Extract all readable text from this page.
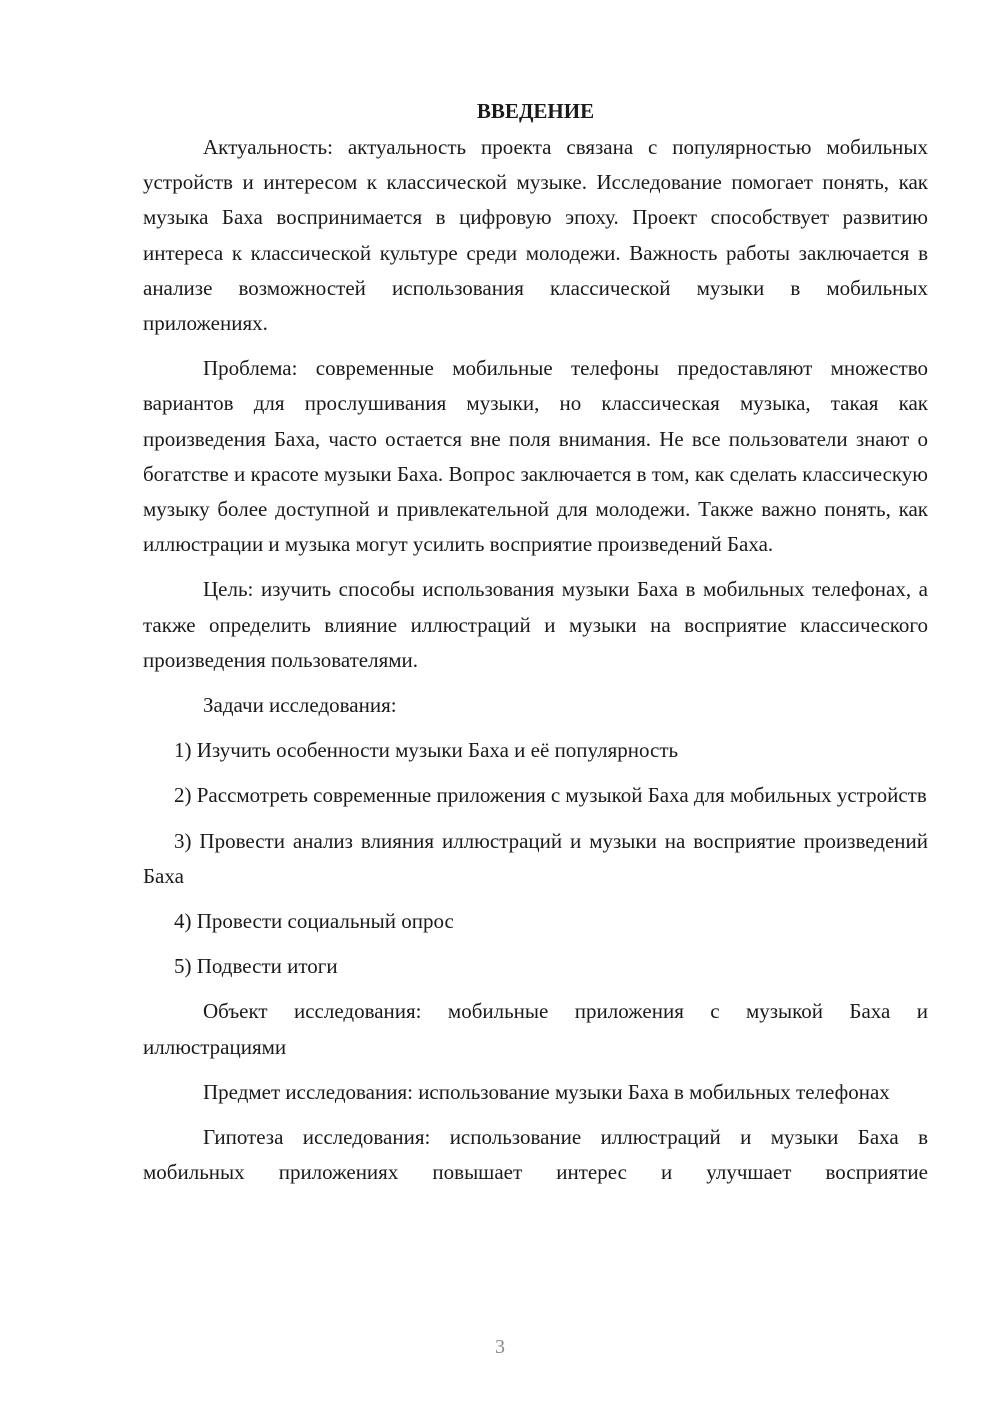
ВВЕДЕНИЕ

Актуальность: актуальность проекта связана с популярностью мобильных устройств и интересом к классической музыке. Исследование помогает понять, как музыка Баха воспринимается в цифровую эпоху. Проект способствует развитию интереса к классической культуре среди молодежи. Важность работы заключается в анализе возможностей использования классической музыки в мобильных приложениях.

Проблема: современные мобильные телефоны предоставляют множество вариантов для прослушивания музыки, но классическая музыка, такая как произведения Баха, часто остается вне поля внимания. Не все пользователи знают о богатстве и красоте музыки Баха. Вопрос заключается в том, как сделать классическую музыку более доступной и привлекательной для молодежи. Также важно понять, как иллюстрации и музыка могут усилить восприятие произведений Баха.

Цель: изучить способы использования музыки Баха в мобильных телефонах, а также определить влияние иллюстраций и музыки на восприятие классического произведения пользователями.

Задачи исследования:

1) Изучить особенности музыки Баха и её популярность

2) Рассмотреть современные приложения с музыкой Баха для мобильных устройств

3) Провести анализ влияния иллюстраций и музыки на восприятие произведений Баха

4) Провести социальный опрос

5) Подвести итоги

Объект исследования: мобильные приложения с музыкой Баха и иллюстрациями

Предмет исследования: использование музыки Баха в мобильных телефонах

Гипотеза исследования: использование иллюстраций и музыки Баха в мобильных приложениях повышает интерес и улучшает восприятие

3
